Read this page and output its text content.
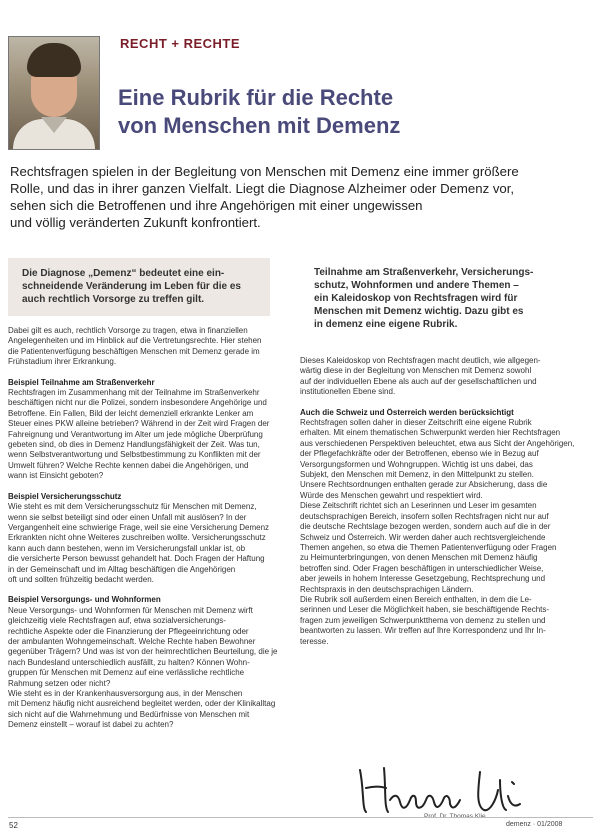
RECHT + RECHTE
Eine Rubrik für die Rechte
von Menschen mit Demenz
Rechtsfragen spielen in der Begleitung von Menschen mit Demenz eine immer größere
Rolle, und das in ihrer ganzen Vielfalt. Liegt die Diagnose Alzheimer oder Demenz vor,
sehen sich die Betroffenen und ihre Angehörigen mit einer ungewissen
und völlig veränderten Zukunft konfrontiert.
Die Diagnose „Demenz“ bedeutet eine ein-
schneidende Veränderung im Leben für die es
auch rechtlich Vorsorge zu treffen gilt.
Teilnahme am Straßenverkehr, Versicherungs-
schutz, Wohnformen und andere Themen –
ein Kaleidoskop von Rechtsfragen wird für
Menschen mit Demenz wichtig. Dazu gibt es
in demenz eine eigene Rubrik.
Dabei gilt es auch, rechtlich Vorsorge zu tragen, etwa in finanziellen
Angelegenheiten und im Hinblick auf die Vertretungsrechte. Hier stehen
die Patientenverfügung beschäftigen Menschen mit Demenz gerade im
Frühstadium ihrer Erkrankung.
Beispiel Teilnahme am Straßenverkehr
Rechtsfragen im Zusammenhang mit der Teilnahme im Straßenverkehr
beschäftigen nicht nur die Polizei, sondern insbesondere Angehörige und
Betroffene. Ein Fallen, Bild der leicht demenziell erkrankte Lenker am
Steuer eines PKW alleine betrieben? Während in der Zeit wird Fragen der
Fahreignung und Verantwortung im Alter um jede mögliche Überprüfung
gebeten sind, ob dies in Demenz Handlungsfähigkeit der Zeit. Was tun,
wenn Selbstverantwortung und Selbstbestimmung zu Konflikten mit der
Umwelt führen? Welche Rechte kennen dabei die Angehörigen, und
wann ist Einsicht geboten?
Beispiel Versicherungsschutz
Wie steht es mit dem Versicherungsschutz für Menschen mit Demenz,
wenn sie selbst beteiligt sind oder einen Unfall mit auslösen? In der
Vergangenheit eine schwierige Frage, weil sie eine Versicherung Demenz
Erkrankten nicht ohne Weiteres zuschreiben wollte. Versicherungsschutz
kann auch dann bestehen, wenn im Versicherungsfall unklar ist, ob
die versicherte Person bewusst gehandelt hat. Doch Fragen der Haftung
in der Gemeinschaft und im Alltag beschäftigen die Angehörigen
oft und sollten frühzeitig bedacht werden.
Beispiel Versorgungs- und Wohnformen
Neue Versorgungs- und Wohnformen für Menschen mit Demenz wirft
gleichzeitig viele Rechtsfragen auf, etwa sozialversicherungs-
rechtliche Aspekte oder die Finanzierung der Pflegeeinrichtung oder
der ambulanten Wohngemeinschaft. Welche Rechte haben Bewohner
gegenüber Trägern? Und was ist von der heimrechtlichen Beurteilung, die je
nach Bundesland unterschiedlich ausfällt, zu halten? Können Wohn-
gruppen für Menschen mit Demenz auf eine verlässliche rechtliche
Rahmung setzen oder nicht?
Wie steht es in der Krankenhausversorgung aus, in der Menschen
mit Demenz häufig nicht ausreichend begleitet werden, oder der Klinikalltag
sich nicht auf die Wahrnehmung und Bedürfnisse von Menschen mit
Demenz einstellt – worauf ist dabei zu achten?
Dieses Kaleidoskop von Rechtsfragen macht deutlich, wie allgegen-
wärtig diese in der Begleitung von Menschen mit Demenz sowohl
auf der individuellen Ebene als auch auf der gesellschaftlichen und
institutionellen Ebene sind.
Auch die Schweiz und Österreich werden berücksichtigt
Rechtsfragen sollen daher in dieser Zeitschrift eine eigene Rubrik
erhalten. Mit einem thematischen Schwerpunkt werden hier Rechtsfragen
aus verschiedenen Perspektiven beleuchtet, etwa aus Sicht der Angehörigen,
der Pflegefachkräfte oder der Betroffenen, ebenso wie in Bezug auf
Versorgungsformen und Wohngruppen. Wichtig ist uns dabei, das
Subjekt, den Menschen mit Demenz, in den Mittelpunkt zu stellen.
Unsere Rechtsordnungen enthalten gerade zur Absicherung, dass die
Würde des Menschen gewahrt und respektiert wird.
Diese Zeitschrift richtet sich an Leserinnen und Leser im gesamten
deutschsprachigen Bereich, insofern sollen Rechtsfragen nicht nur auf
die deutsche Rechtslage bezogen werden, sondern auch auf die in der
Schweiz und Österreich. Wir werden daher auch rechtsvergleichende
Themen angehen, so etwa die Themen Patientenverfügung oder Fragen
zu Heimunterbringungen, von denen Menschen mit Demenz häufig
betroffen sind. Oder Fragen beschäftigen in unterschiedlicher Weise,
aber jeweils in hohem Interesse Gesetzgebung, Rechtsprechung und
Rechtspraxis in den deutschsprachigen Ländern.
Die Rubrik soll außerdem einen Bereich enthalten, in dem die Le-
serinnen und Leser die Möglichkeit haben, sie beschäftigende Rechts-
fragen zum jeweiligen Schwerpunktthema von demenz zu stellen und
beantworten zu lassen. Wir treffen auf Ihre Korrespondenz und Ihr In-
teresse.
52	demenz · 01/2008
